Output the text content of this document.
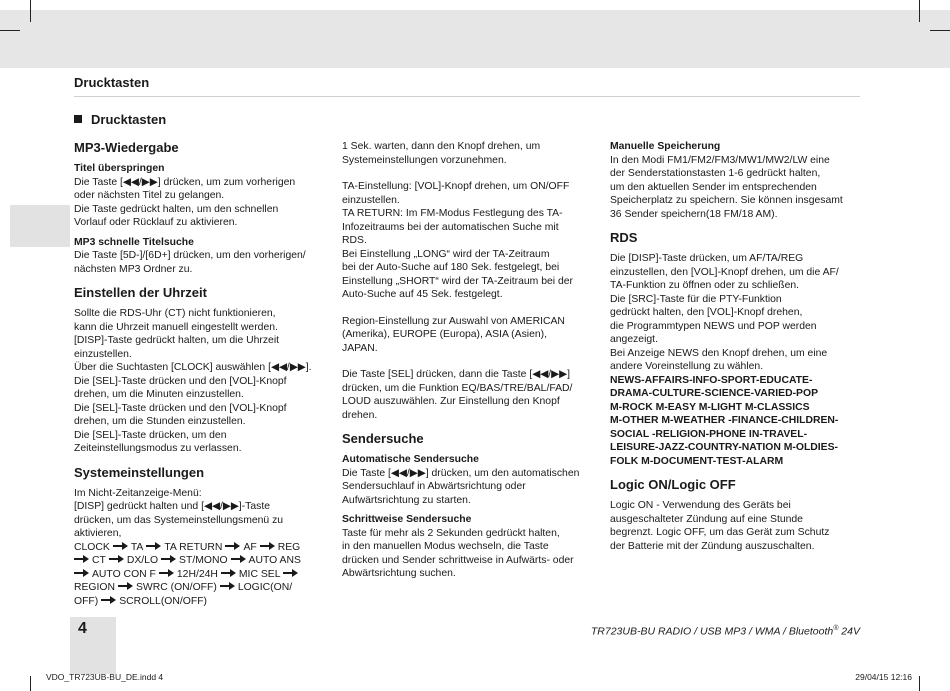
4
Drucktasten
Drucktasten
MP3-Wiedergabe
Titel überspringen
Die Taste [◀◀/▶▶] drücken, um zum vorherigen
oder nächsten Titel zu gelangen.
Die Taste gedrückt halten, um den schnellen
Vorlauf oder Rücklauf zu aktivieren.
MP3 schnelle Titelsuche
Die Taste [5D-]/[6D+] drücken, um den vorherigen/
nächsten MP3 Ordner zu.
Einstellen der Uhrzeit
Sollte die RDS-Uhr (CT) nicht funktionieren,
kann die Uhrzeit manuell eingestellt werden.
[DISP]-Taste gedrückt halten, um die Uhrzeit
einzustellen.
Über die Suchtasten [CLOCK] auswählen [◀◀/▶▶].
Die [SEL]-Taste drücken und den [VOL]-Knopf
drehen, um die Minuten einzustellen.
Die [SEL]-Taste drücken und den [VOL]-Knopf
drehen, um die Stunden einzustellen.
Die [SEL]-Taste drücken, um den
Zeiteinstellungsmodus zu verlassen.
Systemeinstellungen
Im Nicht-Zeitanzeige-Menü:
[DISP] gedrückt halten und [◀◀/▶▶]-Taste
drücken, um das Systemeinstellungsmenü zu
aktivieren,
CLOCK TA TA RETURN AF REG
CT DX/LO ST/MONO AUTO ANS
AUTO CON F 12H/24H MIC SEL
REGION SWRC (ON/OFF) LOGIC(ON/
OFF) SCROLL(ON/OFF)
1 Sek. warten, dann den Knopf drehen, um
Systemeinstellungen vorzunehmen.
TA-Einstellung: [VOL]-Knopf drehen, um ON/OFF
einzustellen.
TA RETURN: Im FM-Modus Festlegung des TA-
Infozeitraums bei der automatischen Suche mit
RDS.
Bei Einstellung „LONG“ wird der TA-Zeitraum
bei der Auto-Suche auf 180 Sek. festgelegt, bei
Einstellung „SHORT“ wird der TA-Zeitraum bei der
Auto-Suche auf 45 Sek. festgelegt.
Region-Einstellung zur Auswahl von AMERICAN
(Amerika), EUROPE (Europa), ASIA (Asien),
JAPAN.
Die Taste [SEL] drücken, dann die Taste [◀◀/▶▶]
drücken, um die Funktion EQ/BAS/TRE/BAL/FAD/
LOUD auszuwählen. Zur Einstellung den Knopf
drehen.
Sendersuche
Automatische Sendersuche
Die Taste [◀◀/▶▶] drücken, um den automatischen
Sendersuchlauf in Abwärtsrichtung oder
Aufwärtsrichtung zu starten.
Schrittweise Sendersuche
Taste für mehr als 2 Sekunden gedrückt halten,
in den manuellen Modus wechseln, die Taste
drücken und Sender schrittweise in Aufwärts- oder
Abwärtsrichtung suchen.
Manuelle Speicherung
In den Modi FM1/FM2/FM3/MW1/MW2/LW eine
der Senderstationstasten 1-6 gedrückt halten,
um den aktuellen Sender im entsprechenden
Speicherplatz zu speichern. Sie können insgesamt
36 Sender speichern(18 FM/18 AM).
RDS
Die [DISP]-Taste drücken, um AF/TA/REG
einzustellen, den [VOL]-Knopf drehen, um die AF/
TA-Funktion zu öffnen oder zu schließen.
Die [SRC]-Taste für die PTY-Funktion
gedrückt halten, den [VOL]-Knopf drehen,
die Programmtypen NEWS und POP werden
angezeigt.
Bei Anzeige NEWS den Knopf drehen, um eine
andere Voreinstellung zu wählen.
NEWS-AFFAIRS-INFO-SPORT-EDUCATE-
DRAMA-CULTURE-SCIENCE-VARIED-POP
M-ROCK M-EASY M-LIGHT M-CLASSICS
M-OTHER M-WEATHER -FINANCE-CHILDREN-
SOCIAL -RELIGION-PHONE IN-TRAVEL-
LEISURE-JAZZ-COUNTRY-NATION M-OLDIES-
FOLK M-DOCUMENT-TEST-ALARM
Logic ON/Logic OFF
Logic ON - Verwendung des Geräts bei
ausgeschalteter Zündung auf eine Stunde
begrenzt. Logic OFF, um das Gerät zum Schutz
der Batterie mit der Zündung auszuschalten.
TR723UB-BU RADIO / USB MP3 / WMA / Bluetooth® 24V
VDO_TR723UB-BU_DE.indd 4	29/04/15 12:16
